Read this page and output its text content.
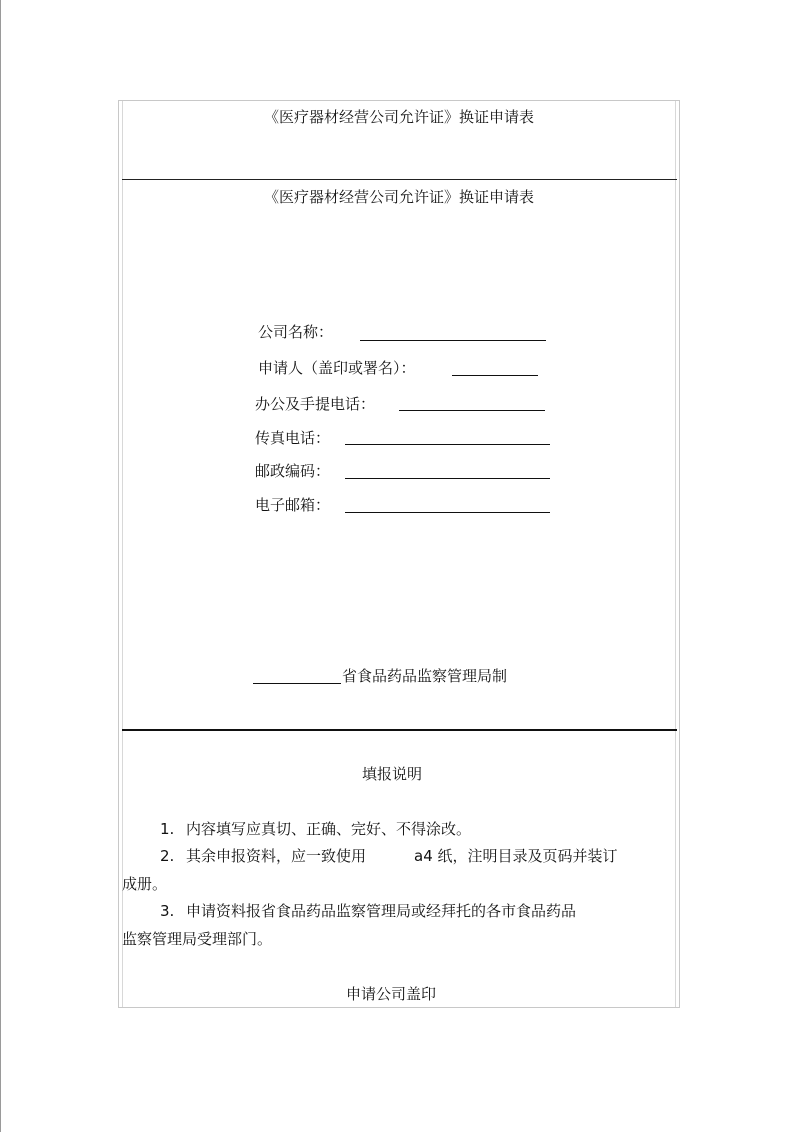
《医疗器材经营公司允许证》换证申请表
《医疗器材经营公司允许证》换证申请表
公司名称：
申请人（盖印或署名）：
办公及手提电话：
传真电话：
邮政编码：
电子邮箱：
省食品药品监察管理局制
填报说明
1. 内容填写应真切、正确、完好、不得涂改。
2. 其余申报资料，应一致使用	a4 纸，注明目录及页码并装订
成册。
3. 申请资料报省食品药品监察管理局或经拜托的各市食品药品
监察管理局受理部门。
申请公司盖印
